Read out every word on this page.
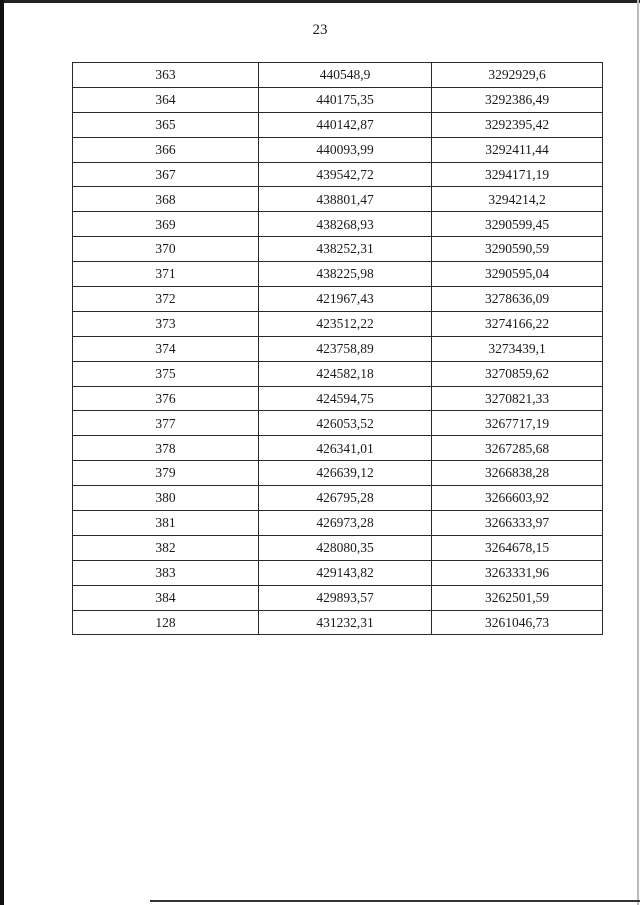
23
363	440548,9	3292929,6
364	440175,35	3292386,49
365	440142,87	3292395,42
366	440093,99	3292411,44
367	439542,72	3294171,19
368	438801,47	3294214,2
369	438268,93	3290599,45
370	438252,31	3290590,59
371	438225,98	3290595,04
372	421967,43	3278636,09
373	423512,22	3274166,22
374	423758,89	3273439,1
375	424582,18	3270859,62
376	424594,75	3270821,33
377	426053,52	3267717,19
378	426341,01	3267285,68
379	426639,12	3266838,28
380	426795,28	3266603,92
381	426973,28	3266333,97
382	428080,35	3264678,15
383	429143,82	3263331,96
384	429893,57	3262501,59
128	431232,31	3261046,73
